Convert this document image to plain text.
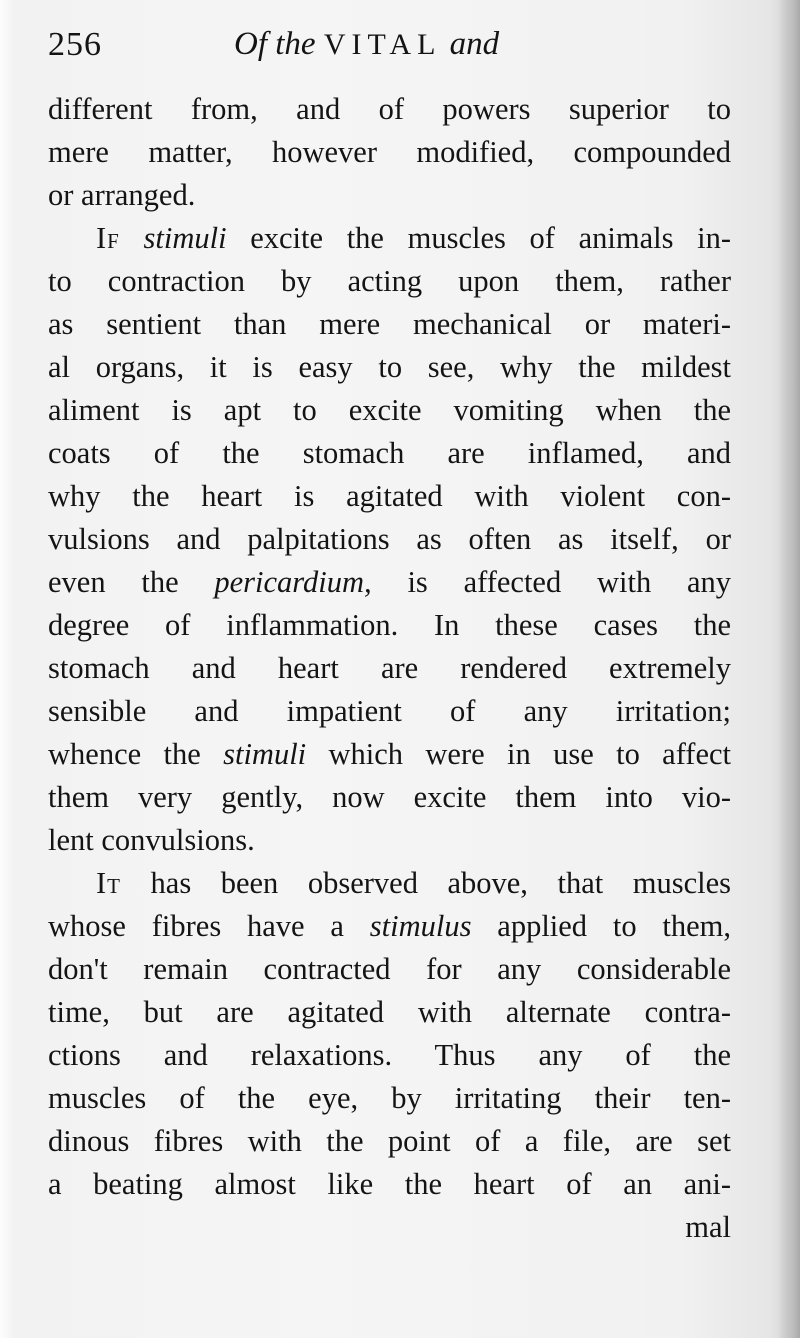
256	Of the VITAL and
different from, and of powers superior to
mere matter, however modified, compounded
or arranged.
If stimuli excite the muscles of animals in-
to contraction by acting upon them, rather
as sentient than mere mechanical or materi-
al organs, it is easy to see, why the mildest
aliment is apt to excite vomiting when the
coats of the stomach are inflamed, and
why the heart is agitated with violent con-
vulsions and palpitations as often as itself, or
even the pericardium, is affected with any
degree of inflammation. In these cases the
stomach and heart are rendered extremely
sensible and impatient of any irritation;
whence the stimuli which were in use to affect
them very gently, now excite them into vio-
lent convulsions.
It has been observed above, that muscles
whose fibres have a stimulus applied to them,
don't remain contracted for any considerable
time, but are agitated with alternate contra-
ctions and relaxations. Thus any of the
muscles of the eye, by irritating their ten-
dinous fibres with the point of a file, are set
a beating almost like the heart of an ani-
mal
